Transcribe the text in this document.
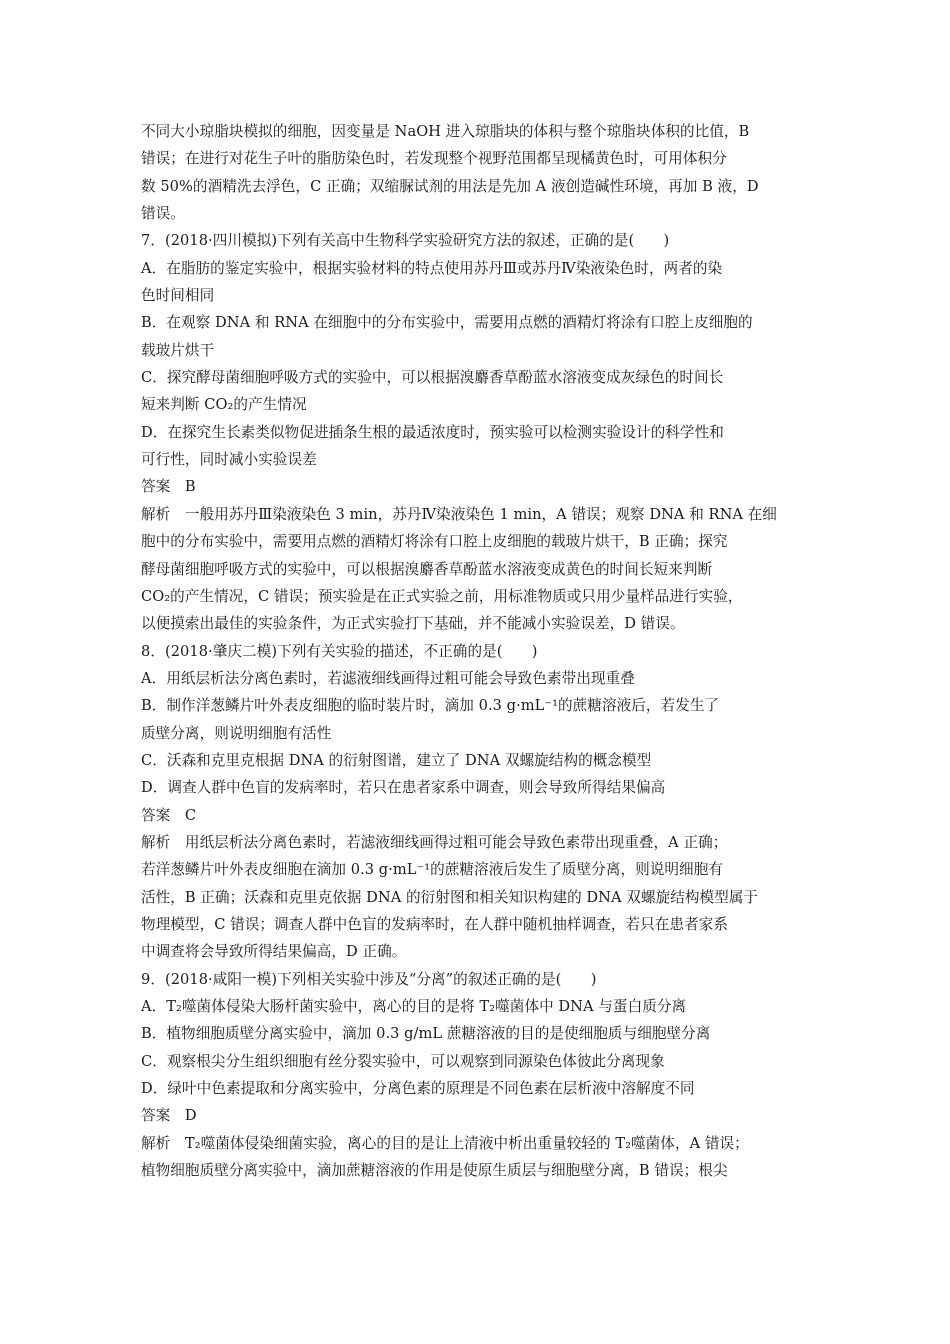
不同大小琼脂块模拟的细胞，因变量是 NaOH 进入琼脂块的体积与整个琼脂块体积的比值，B
错误；在进行对花生子叶的脂肪染色时，若发现整个视野范围都呈现橘黄色时，可用体积分
数 50%的酒精洗去浮色，C 正确；双缩脲试剂的用法是先加 A 液创造碱性环境，再加 B 液，D
错误。
7．(2018·四川模拟)下列有关高中生物科学实验研究方法的叙述，正确的是(　　)
A．在脂肪的鉴定实验中，根据实验材料的特点使用苏丹Ⅲ或苏丹Ⅳ染液染色时，两者的染
色时间相同
B．在观察 DNA 和 RNA 在细胞中的分布实验中，需要用点燃的酒精灯将涂有口腔上皮细胞的
载玻片烘干
C．探究酵母菌细胞呼吸方式的实验中，可以根据溴麝香草酚蓝水溶液变成灰绿色的时间长
短来判断 CO₂的产生情况
D．在探究生长素类似物促进插条生根的最适浓度时，预实验可以检测实验设计的科学性和
可行性，同时减小实验误差
答案　B
解析　一般用苏丹Ⅲ染液染色 3 min，苏丹Ⅳ染液染色 1 min，A 错误；观察 DNA 和 RNA 在细
胞中的分布实验中，需要用点燃的酒精灯将涂有口腔上皮细胞的载玻片烘干，B 正确；探究
酵母菌细胞呼吸方式的实验中，可以根据溴麝香草酚蓝水溶液变成黄色的时间长短来判断
CO₂的产生情况，C 错误；预实验是在正式实验之前，用标准物质或只用少量样品进行实验，
以便摸索出最佳的实验条件，为正式实验打下基础，并不能减小实验误差，D 错误。
8．(2018·肇庆二模)下列有关实验的描述，不正确的是(　　)
A．用纸层析法分离色素时，若滤液细线画得过粗可能会导致色素带出现重叠
B．制作洋葱鳞片叶外表皮细胞的临时装片时，滴加 0.3 g·mL⁻¹的蔗糖溶液后，若发生了
质壁分离，则说明细胞有活性
C．沃森和克里克根据 DNA 的衍射图谱，建立了 DNA 双螺旋结构的概念模型
D．调查人群中色盲的发病率时，若只在患者家系中调查，则会导致所得结果偏高
答案　C
解析　用纸层析法分离色素时，若滤液细线画得过粗可能会导致色素带出现重叠，A 正确；
若洋葱鳞片叶外表皮细胞在滴加 0.3 g·mL⁻¹的蔗糖溶液后发生了质壁分离，则说明细胞有
活性，B 正确；沃森和克里克依据 DNA 的衍射图和相关知识构建的 DNA 双螺旋结构模型属于
物理模型，C 错误；调查人群中色盲的发病率时，在人群中随机抽样调查，若只在患者家系
中调查将会导致所得结果偏高，D 正确。
9．(2018·咸阳一模)下列相关实验中涉及“分离”的叙述正确的是(　　)
A．T₂噬菌体侵染大肠杆菌实验中，离心的目的是将 T₂噬菌体中 DNA 与蛋白质分离
B．植物细胞质壁分离实验中，滴加 0.3 g/mL 蔗糖溶液的目的是使细胞质与细胞壁分离
C．观察根尖分生组织细胞有丝分裂实验中，可以观察到同源染色体彼此分离现象
D．绿叶中色素提取和分离实验中，分离色素的原理是不同色素在层析液中溶解度不同
答案　D
解析　T₂噬菌体侵染细菌实验，离心的目的是让上清液中析出重量较轻的 T₂噬菌体，A 错误；
植物细胞质壁分离实验中，滴加蔗糖溶液的作用是使原生质层与细胞壁分离，B 错误；根尖
